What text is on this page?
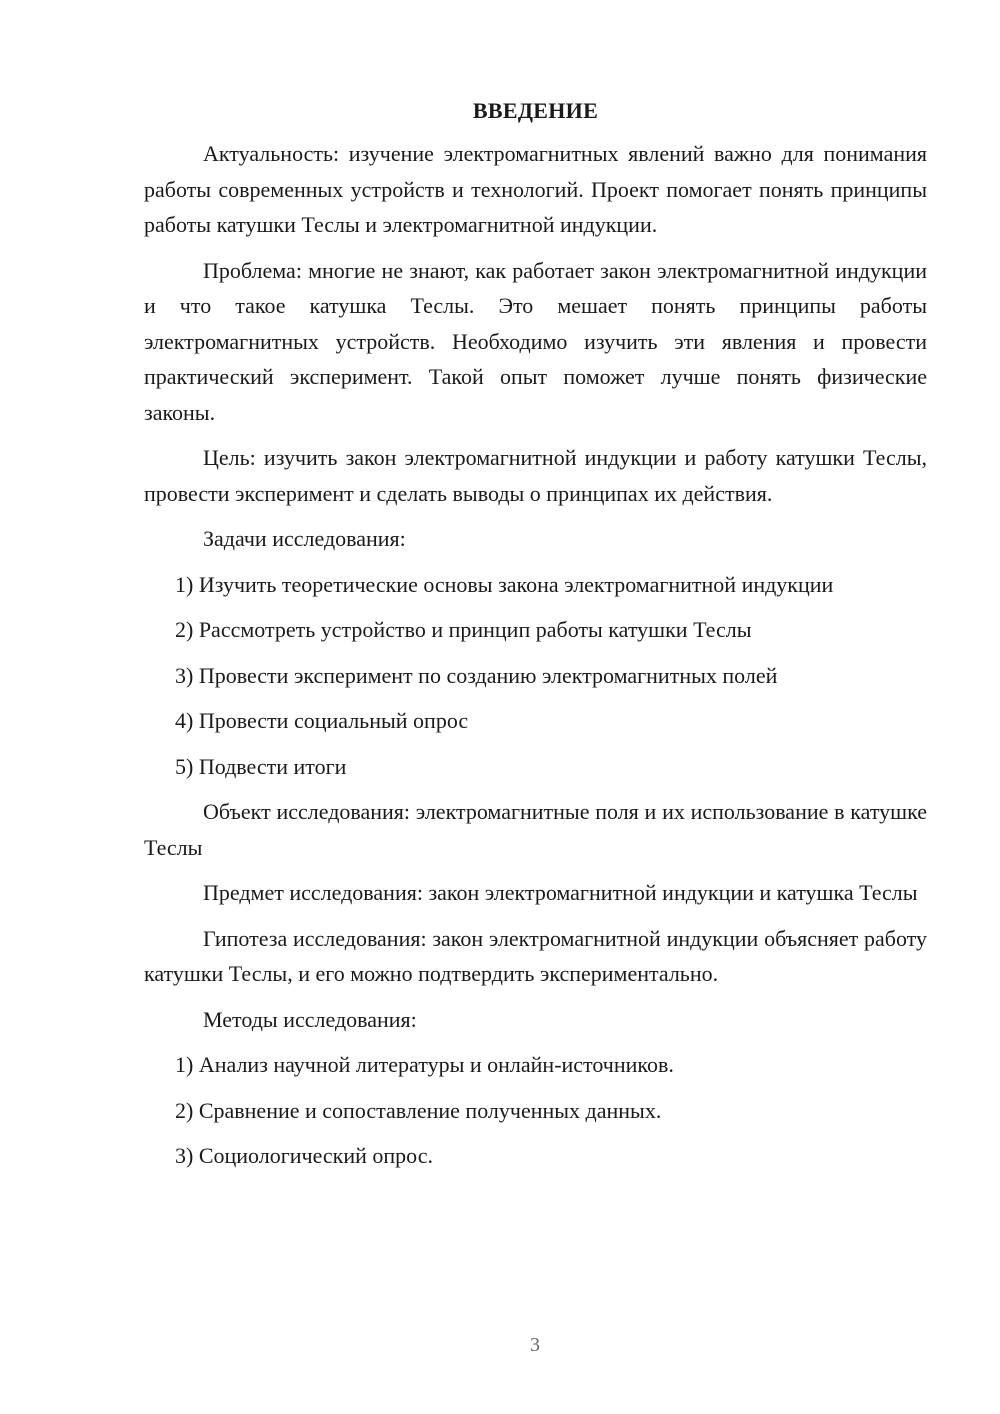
ВВЕДЕНИЕ

Актуальность: изучение электромагнитных явлений важно для понимания работы современных устройств и технологий. Проект помогает понять принципы работы катушки Теслы и электромагнитной индукции.

Проблема: многие не знают, как работает закон электромагнитной индукции и что такое катушка Теслы. Это мешает понять принципы работы электромагнитных устройств. Необходимо изучить эти явления и провести практический эксперимент. Такой опыт поможет лучше понять физические законы.

Цель: изучить закон электромагнитной индукции и работу катушки Теслы, провести эксперимент и сделать выводы о принципах их действия.

Задачи исследования:

1) Изучить теоретические основы закона электромагнитной индукции
2) Рассмотреть устройство и принцип работы катушки Теслы
3) Провести эксперимент по созданию электромагнитных полей
4) Провести социальный опрос
5) Подвести итоги

Объект исследования: электромагнитные поля и их использование в катушке Теслы

Предмет исследования: закон электромагнитной индукции и катушка Теслы

Гипотеза исследования: закон электромагнитной индукции объясняет работу катушки Теслы, и его можно подтвердить экспериментально.

Методы исследования:

1) Анализ научной литературы и онлайн-источников.
2) Сравнение и сопоставление полученных данных.
3) Социологический опрос.
3
